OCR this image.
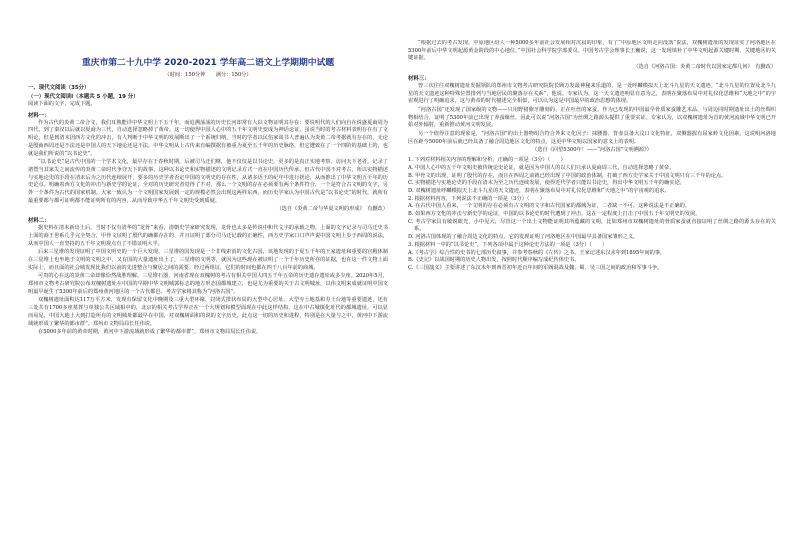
重庆市第二十九中学 2020-2021 学年高二语文上学期期中试题
（时间：150分钟　　满分：150分）
一、现代文阅读（35分）
（一）现代文阅读Ⅰ（本题共 5 小题，19 分）
阅读下面的文字，完成下题。
材料一：

作为古代的炎黄二帝合文，我们耳熟能详中华文明上下五千年。而追溯荡荡的历史长河却常有人以文物证明其存在：要说明代的人们向自在说盛夏商周为四代，到了秦汉以后就以夏商为三代，自动选择忽略掉了黄帝。这一切使得中国人心中的五千年文明史变成为神话论证。虽说当时的考古材料表明存在有了文明论，但是到清末因西方文化的冲击，有人判断于中华文明的发展断出了一个系统归纳，当时的学者以民俗家谈书人普遍认为炎黄二帝考据就有存在的，无论是殷商西周还是不法还是中国人的天下地论还是不法，中华文明从上古传来有编撰据有被重为夏至五千年的历史脉络，但它遭致在了一个四阶的基础上的，也就是我们所说的“以书论史”。

“以书论史”是古代中国的一个学术文化，最早存在于春秋时期，后被司马迁们继，他不仅仅是以书论史，更多的是真正实地考察，访问天下老者，记录了诸暨当其家失之间流传的炎黄二帝时代争夺天下的故事，这种以书论史和实物描述的文明记录方式一直在中国历代传承，但古代中国不对考古，所以实物描述与实地论史的手段在清末后为之历代连续展开，要多的历史学者否定中国的文明史的存在性，从诸多语王的纪年中进行扰论，从而推出了中华文明五千年的历史论点。明确着西方文化的冲击与新史学的论证，全对的历史研究者觉得了不对，那么一个文明的存在必须要有两个条件符合，一个是符合古文明的文字，另外一个条件为古代的国家机制。大家一致认为一个文明国家发展到一定的规模必然会出现这两样东西，而历史学家认为中国古代是“以书论史”的时代，就所有最重要都与都可证明都不能证明所有的内容，从而导致中华五千年文明史受到质疑。

（选自《炎黄二帝与华夏文明的形成》　有删改）
材料二：

据史料在清末新出土后，当时不仅有清华的“龙骨”来看，清朝史学家研究发现，龙骨也太多是传说中和代文字的承载之物。上面的文字记录与司马迁史书上面的商王世系几乎完全契合，甲骨文证明了殷代的确都存在的，并且证明了部分司马迁记载的正确性，西方史学家口口声声说中国文明上步于西周的说法，从而中国人一直坚持的五千年文明观点有了不错证明大半。

后来三星堆的发现证明了中国文明史的一个巨大发现。三星堆的国发现是一个非线索消的文化古国，该地发现的于夏五千年的王家遗址和重要的宫殿体制在三星堆上也坐地于文明的文明之中，又有国的大量遗址出土了，三星堆的文明等，就因为这些现在被证明了一个千年历史所在的证据，也在这一件文物上面实际上，而且面的社会城发现比我们以前的先进整合与聚居之间的需要。经过两组证，它们的时间也都在四千八百年前的商城。

可贵的心在这的炎黄二帝却像恰然战胜理解。三星堆石器，河南省现在双槐树的考古有相关中国人四五千年五帝的历史遗存遗址或多少座。2020年5月，郑州市文物考古研究院公布双槐树遗址在中国的早期中华文明城郭标志的地方形态国都城建立，也是尤为重要的关于古文明城址，以伟文明来成就证明中国文明最早诞生了5300年前后的郑州黄河地区的一个古代都邑，考古学家将其称为“河洛古国”。

双槐树遗址面积达117万平方米，发现有保留文化中晚期及三重大型环壕、封闭式排状布局的大型中心居址、大型夯土地基和夯土台地等重要遗迹，还有三处共有1700多座墓葬与单独公共区域相中的，北京的相关考古学界正在一个大规划和模型面现在中此这样结构，这在中古城镇化址代的都城遗址。可以显而易见，中国大地上大到打造所有的文明城址都最早在中国，对双槐树面积的说的文字历史，此点这一切的历史和进程，特别是在大量与之中，黄河中下游流域就形成了繁华的都市群”。郑州市文物局局长任伟说。

在5000多年前的黄帝时期，黄河中下游流域就形成了繁华的都市群”。郑州市文物局局长任伟说。

“根据过去的考古发现，中原地区给人一种5000多年前社会发展相对沉寂的印象，有了“中原地区文明走向没落”说法，双槐树遗址的发现证实了河洛地区在5300年前后中华文明起源黄金阶段的中心地位。”中国社会科学院学部委员、中国考古学会理事长王巍说，这一发现填补了中华文明起源关键时期、关键地区的关键证据。

（选自《河洛古国：炎黄二帝时代以国家定都几何》　有删改）
材料三：

曾三次往往双槐树遗址发掘领队的郑州市文物考古研究院院长顾万发最神秘来乐道的，是一处呼麟模拟天上北斗九星的天文遗迹。“北斗九星的位置及北斗九星的天文遗迹这种特殊位置排列与当地居民的聚落存在关系”，他说。专家认为，这一天文遗迹明显有意为之，表明在聚落布局中对礼仪化思维和“天地之中”的宇宙观进行了明确追求，这与黄帝的时代描述完全相似，可以认为这是中国最早的政治思想的体现。

“河洛古国”还发现了国家级的文物——只用野猪獠牙雕刻的、正在吐丝的家蚕。作为已发现的中国最早骨质家蚕雕艺术品，与周边同时期遗址出土的丝绸织物相结合，证明了5300年前已出现了养蚕缫丝，因此可以说“河洛古国”为丝绸之路源头提供了重要实证。专家认为，以双槐树遗址为首的黄河流域中华文明已开始对外辐射，重新推动黄河文明发展。

另一个值得注意的现象是，“河洛古国”的出土器物组合符合外来文化因子：抹腰器、背壶具备大汶口文化特征，双侧器握有屈家岭文化因素。这说明河洛地区在距今5000年前后就已经具备了融合周边地区文化的特点，这更中华文明以国家的意义上的表明。

（选自《回望5300年！——“河洛古国”文明溯源》）
1. 下列对材料相关内容的理解和分析，正确的一项是（3分）（　　）
A. 中国人心中的五千年文明史被传统论史论证，就是因为中国人的以人们只承认夏商周三代，自动选择忽略了黄帝。
B. 甲骨文的出现，证明了殷代的存在，而且在西周之前就已经出现了中国的政治体制，打破了西方史学家关于中国文明只有三千年的论点。
C. 实物描述与实地论史的手段在清末为至之历代连续发展，使得近代学者只能以书论史，得出中华文明五千年的确实论。
D. 双槐树遗址呼麟模拟天上北斗九星的天文遗迹，表明在聚落布局中对礼仪化思维和“天地之中”的宇宙观的追求。
2. 根据材料内容，下列说法不正确的一项是（3分）（　　）
A. 在古代中国人看来，一个文明的存在必须有古文明的文字和古代国家的都城为证，二者缺一不可。这种说法是不正确的。
B. 如果西方文化的冲击与新史学的论证，中国的以书论史的时代遭到了冲击，这在一定程度上打击了中国五千年文明史的发展。
C. 考古学家具有敏锐眼光，小中见大，尽管这一个出土文物能证明其所蕴藏的文明，比如郑州市双槐树遗址的骨质家蚕就直接证明了丝绸之路的源头存在的关系。
D. 河洛古国体现的了融合周边文化的特点，它的发现证明了河洛地区在中国最早具备国家雏形之义。
3. 根据材料一中的“以书论史”，下列各项中属于这种论史方法的一项是（3分）（　　）
A.《考古学》综合性的史书的七部历史叙事，并参考春秋的《左传》之书，王家记述东汉末年到1895年间的事，
B.《史记》以战国时期的历史人物出发，按照时代顺序编写成纪传体史书。
C.《三国演义》主要讲述了东汉末年到西晋初年近百年间的军阀混战及魏、蜀、吴三国之间的政治和军事斗争。
